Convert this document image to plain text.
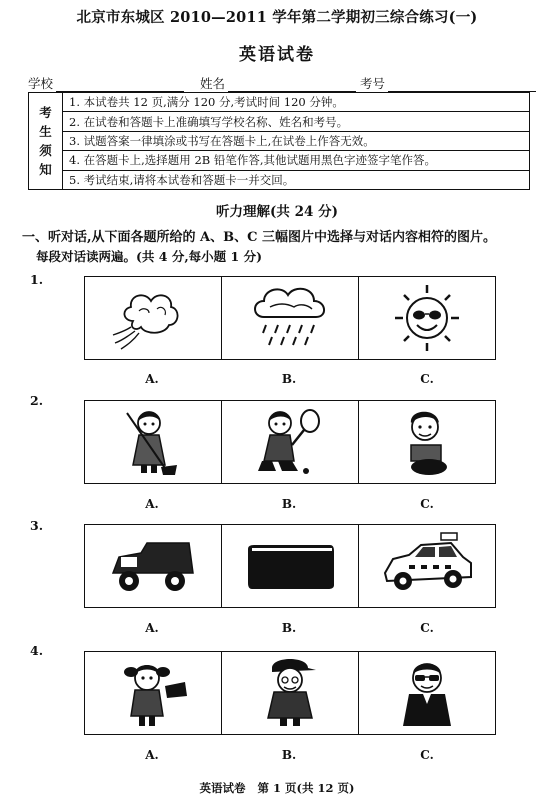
北京市东城区 2010—2011 学年第二学期初三综合练习(一)
英语试卷
学校	姓名	考号
考
生
须
知
1. 本试卷共 12 页,满分 120 分,考试时间 120 分钟。
2. 在试卷和答题卡上准确填写学校名称、姓名和考号。
3. 试题答案一律填涂或书写在答题卡上,在试卷上作答无效。
4. 在答题卡上,选择题用 2B 铅笔作答,其他试题用黑色字迹签字笔作答。
5. 考试结束,请将本试卷和答题卡一并交回。
听力理解(共 24 分)
一、听对话,从下面各题所给的 A、B、C 三幅图片中选择与对话内容相符的图片。
每段对话读两遍。(共 4 分,每小题 1 分)
1.
A.	B.	C.
2.
A.	B.	C.
3.
A.	B.	C.
4.
A.	B.	C.
英语试卷   第 1 页(共 12 页)
